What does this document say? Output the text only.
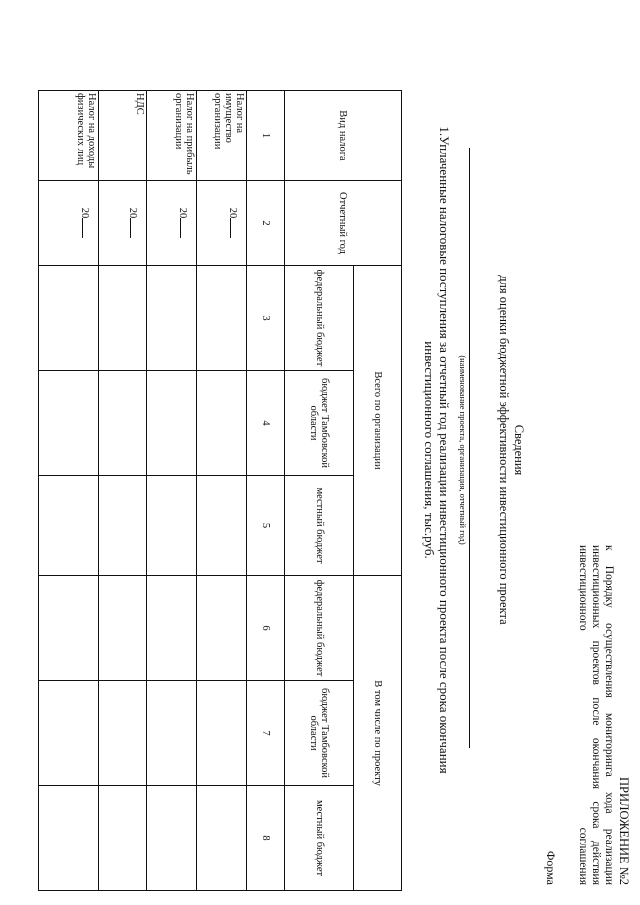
ПРИЛОЖЕНИЕ №2
к Порядку осуществления мониторинга хода реализации инвестиционных проектов после окончания срока действия инвестиционного соглашения
Форма
Сведения
для оценки бюджетной эффективности инвестиционного проекта
(наименование проекта, организация, отчетный год)
1.Уплаченные налоговые поступления за отчетный год реализации инвестиционного проекта после срока окончания инвестиционного соглашения, тыс.руб.
Вид налога	Отчетный год	Всего по организации			В том числе по проекту		
		федеральный бюджет	бюджет Тамбовской области	местный бюджет	федеральный бюджет	бюджет Тамбовской области	местный бюджет
1	2	3	4	5	6	7	8
Налог на имущество организации	20						
Налог на прибыль организации	20						
НДС	20						
Налог на доходы физических лиц	20						
